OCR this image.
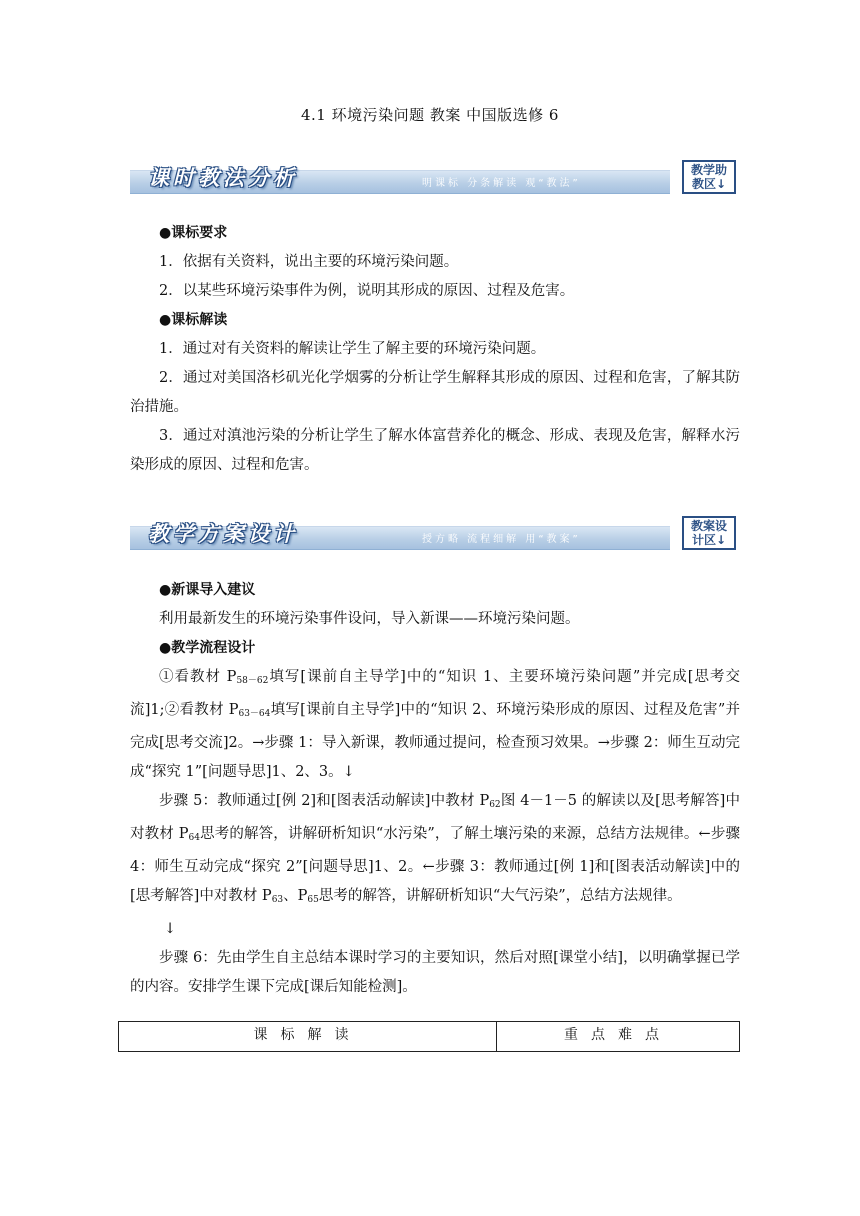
4.1 环境污染问题 教案 中国版选修 6
课时教法分析	明课标 分条解读 观“教法”
教学助
教区↓

●课标要求

1．依据有关资料，说出主要的环境污染问题。

2．以某些环境污染事件为例，说明其形成的原因、过程及危害。

●课标解读

1．通过对有关资料的解读让学生了解主要的环境污染问题。

2．通过对美国洛杉矶光化学烟雾的分析让学生解释其形成的原因、过程和危害，了解其防治措施。

3．通过对滇池污染的分析让学生了解水体富营养化的概念、形成、表现及危害，解释水污染形成的原因、过程和危害。

教学方案设计	授方略 流程细解 用“教案”
教案设
计区↓

●新课导入建议

利用最新发生的环境污染事件设问，导入新课——环境污染问题。

●教学流程设计

①看教材 $P_{58-62}$填写[课前自主导学]中的“知识 1、主要环境污染问题”并完成[思考交流]1;②看教材 $P_{63-64}$填写[课前自主导学]中的“知识 2、环境污染形成的原因、过程及危害”并完成[思考交流]2。→步骤 1：导入新课，教师通过提问，检查预习效果。→步骤 2：师生互动完成“探究 1”[问题导思]1、2、3。↓

步骤 5：教师通过[例 2]和[图表活动解读]中教材 $P_{62}$图 4－1－5 的解读以及[思考解答]中对教材 $P_{64}$思考的解答，讲解研析知识“水污染”，了解土壤污染的来源，总结方法规律。←步骤 4：师生互动完成“探究 2”[问题导思]1、2。←步骤 3：教师通过[例 1]和[图表活动解读]中的[思考解答]中对教材 $P_{63}$、$P_{65}$思考的解答，讲解研析知识“大气污染”，总结方法规律。

↓

步骤 6：先由学生自主总结本课时学习的主要知识，然后对照[课堂小结]，以明确掌握已学的内容。安排学生课下完成[课后知能检测]。

课标解读	重点难点
